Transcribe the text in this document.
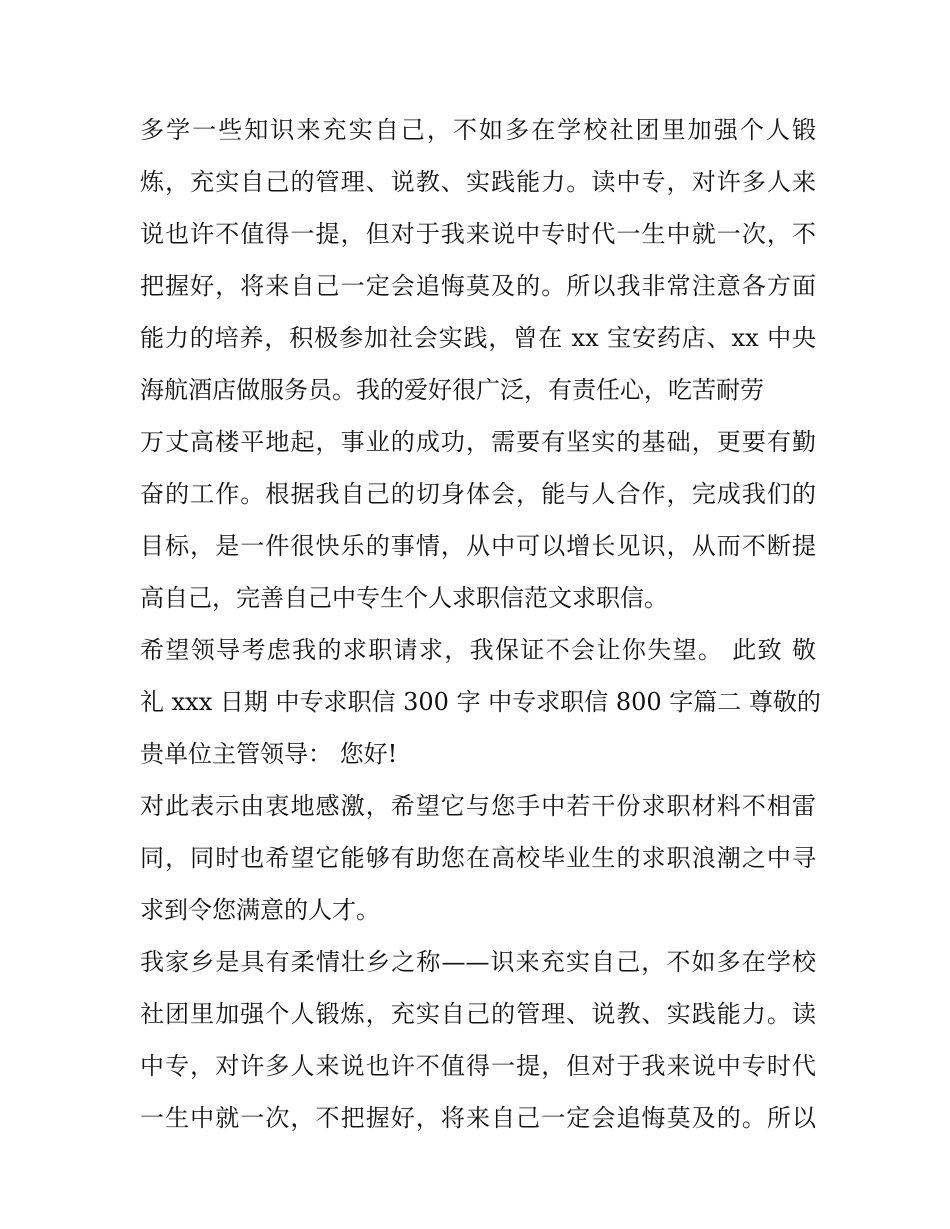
多学一些知识来充实自己，不如多在学校社团里加强个人锻
炼，充实自己的管理、说教、实践能力。读中专，对许多人来
说也许不值得一提，但对于我来说中专时代一生中就一次，不
把握好，将来自己一定会追悔莫及的。所以我非常注意各方面
能力的培养，积极参加社会实践，曾在 xx 宝安药店、xx 中央
海航酒店做服务员。我的爱好很广泛，有责任心，吃苦耐劳
万丈高楼平地起，事业的成功，需要有坚实的基础，更要有勤
奋的工作。根据我自己的切身体会，能与人合作，完成我们的
目标，是一件很快乐的事情，从中可以增长见识，从而不断提
高自己，完善自己中专生个人求职信范文求职信。
希望领导考虑我的求职请求，我保证不会让你失望。 此致 敬
礼 xxx 日期 中专求职信 300 字 中专求职信 800 字篇二 尊敬的
贵单位主管领导： 您好!
对此表示由衷地感激，希望它与您手中若干份求职材料不相雷
同，同时也希望它能够有助您在高校毕业生的求职浪潮之中寻
求到令您满意的人才。
我家乡是具有柔情壮乡之称——识来充实自己，不如多在学校
社团里加强个人锻炼，充实自己的管理、说教、实践能力。读
中专，对许多人来说也许不值得一提，但对于我来说中专时代
一生中就一次，不把握好，将来自己一定会追悔莫及的。所以
